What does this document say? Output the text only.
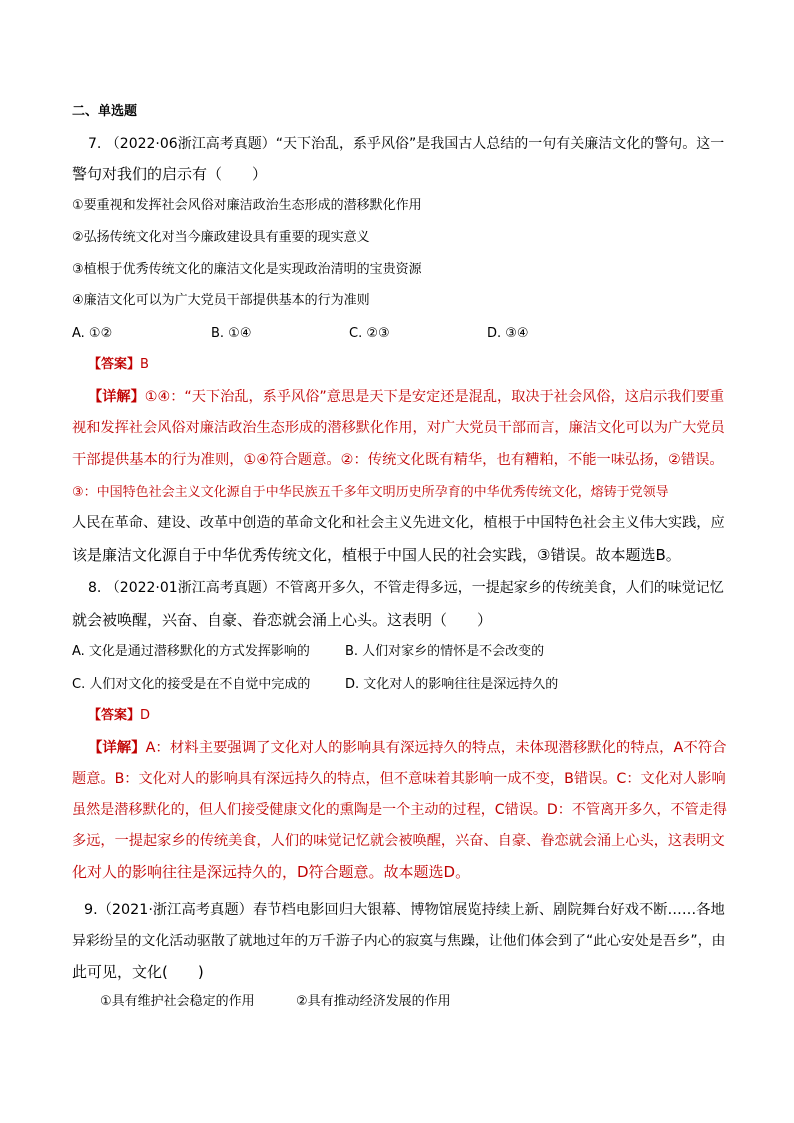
二、单选题
7. （2022·06浙江高考真题）“天下治乱，系乎风俗”是我国古人总结的一句有关廉洁文化的警句。这一
警句对我们的启示有（　　）
①要重视和发挥社会风俗对廉洁政治生态形成的潜移默化作用
②弘扬传统文化对当今廉政建设具有重要的现实意义
③植根于优秀传统文化的廉洁文化是实现政治清明的宝贵资源
④廉洁文化可以为广大党员干部提供基本的行为准则
A. ①②	B. ①④	C. ②③	D. ③④
【答案】B
【详解】①④：“天下治乱，系乎风俗”意思是天下是安定还是混乱，取决于社会风俗，这启示我们要重
视和发挥社会风俗对廉洁政治生态形成的潜移默化作用，对广大党员干部而言，廉洁文化可以为广大党员
干部提供基本的行为准则，①④符合题意。②：传统文化既有精华，也有糟粕，不能一味弘扬，②错误。
③：中国特色社会主义文化源自于中华民族五千多年文明历史所孕育的中华优秀传统文化，熔铸于党领导
人民在革命、建设、改革中创造的革命文化和社会主义先进文化，植根于中国特色社会主义伟大实践，应
该是廉洁文化源自于中华优秀传统文化，植根于中国人民的社会实践，③错误。故本题选B。
8. （2022·01浙江高考真题）不管离开多久，不管走得多远，一提起家乡的传统美食，人们的味觉记忆
就会被唤醒，兴奋、自豪、眷恋就会涌上心头。这表明（　　）
A. 文化是通过潜移默化的方式发挥影响的	B. 人们对家乡的情怀是不会改变的
C. 人们对文化的接受是在不自觉中完成的	D. 文化对人的影响往往是深远持久的
【答案】D
【详解】A：材料主要强调了文化对人的影响具有深远持久的特点，未体现潜移默化的特点，A不符合
题意。B：文化对人的影响具有深远持久的特点，但不意味着其影响一成不变，B错误。C：文化对人影响
虽然是潜移默化的，但人们接受健康文化的熏陶是一个主动的过程，C错误。D：不管离开多久，不管走得
多远，一提起家乡的传统美食，人们的味觉记忆就会被唤醒，兴奋、自豪、眷恋就会涌上心头，这表明文
化对人的影响往往是深远持久的，D符合题意。故本题选D。
9.（2021·浙江高考真题）春节档电影回归大银幕、博物馆展览持续上新、剧院舞台好戏不断……各地
异彩纷呈的文化活动驱散了就地过年的万千游子内心的寂寞与焦躁，让他们体会到了“此心安处是吾乡”，由
此可见，文化(　　)
①具有维护社会稳定的作用	②具有推动经济发展的作用
